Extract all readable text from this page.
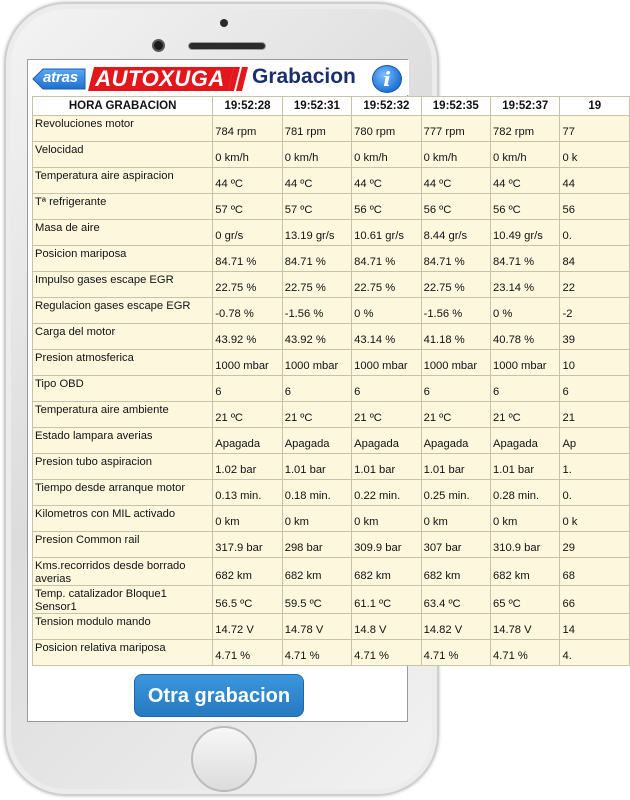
atras AUTOXUGA Grabacion	i
HORA GRABACION	19:52:28	19:52:31	19:52:32	19:52:35	19:52:37	19
Revoluciones motor	784 rpm	781 rpm	780 rpm	777 rpm	782 rpm	77
Velocidad	0 km/h	0 km/h	0 km/h	0 km/h	0 km/h	0 k
Temperatura aire aspiracion	44 ºC	44 ºC	44 ºC	44 ºC	44 ºC	44
Tª refrigerante	57 ºC	57 ºC	56 ºC	56 ºC	56 ºC	56
Masa de aire	0 gr/s	13.19 gr/s	10.61 gr/s	8.44 gr/s	10.49 gr/s	0.
Posicion mariposa	84.71 %	84.71 %	84.71 %	84.71 %	84.71 %	84
Impulso gases escape EGR	22.75 %	22.75 %	22.75 %	22.75 %	23.14 %	22
Regulacion gases escape EGR	-0.78 %	-1.56 %	0 %	-1.56 %	0 %	-2
Carga del motor	43.92 %	43.92 %	43.14 %	41.18 %	40.78 %	39
Presion atmosferica	1000 mbar	1000 mbar	1000 mbar	1000 mbar	1000 mbar	10
Tipo OBD	6	6	6	6	6	6
Temperatura aire ambiente	21 ºC	21 ºC	21 ºC	21 ºC	21 ºC	21
Estado lampara averias	Apagada	Apagada	Apagada	Apagada	Apagada	Ap
Presion tubo aspiracion	1.02 bar	1.01 bar	1.01 bar	1.01 bar	1.01 bar	1.
Tiempo desde arranque motor	0.13 min.	0.18 min.	0.22 min.	0.25 min.	0.28 min.	0.
Kilometros con MIL activado	0 km	0 km	0 km	0 km	0 km	0 k
Presion Common rail	317.9 bar	298 bar	309.9 bar	307 bar	310.9 bar	29
Kms.recorridos desde borrado averias	682 km	682 km	682 km	682 km	682 km	68
Temp. catalizador Bloque1 Sensor1	56.5 ºC	59.5 ºC	61.1 ºC	63.4 ºC	65 ºC	66
Tension modulo mando	14.72 V	14.78 V	14.8 V	14.82 V	14.78 V	14
Posicion relativa mariposa	4.71 %	4.71 %	4.71 %	4.71 %	4.71 %	4.
Otra grabacion
